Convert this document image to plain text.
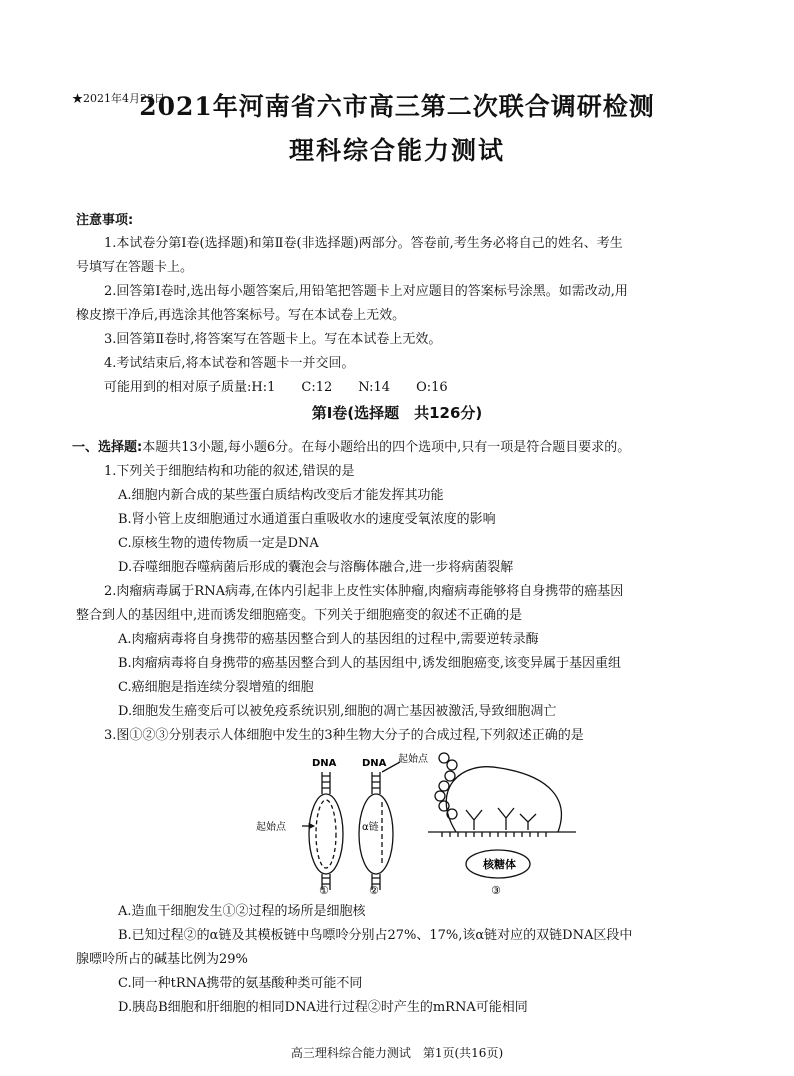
★2021年4月23日
2021年河南省六市高三第二次联合调研检测
理科综合能力测试
注意事项:
1.本试卷分第Ⅰ卷(选择题)和第Ⅱ卷(非选择题)两部分。答卷前,考生务必将自己的姓名、考生
号填写在答题卡上。
2.回答第Ⅰ卷时,选出每小题答案后,用铅笔把答题卡上对应题目的答案标号涂黑。如需改动,用
橡皮擦干净后,再选涂其他答案标号。写在本试卷上无效。
3.回答第Ⅱ卷时,将答案写在答题卡上。写在本试卷上无效。
4.考试结束后,将本试卷和答题卡一并交回。
可能用到的相对原子质量:H:1　　C:12　　N:14　　O:16
第Ⅰ卷(选择题　共126分)
一、选择题:本题共13小题,每小题6分。在每小题给出的四个选项中,只有一项是符合题目要求的。
1.下列关于细胞结构和功能的叙述,错误的是
A.细胞内新合成的某些蛋白质结构改变后才能发挥其功能
B.肾小管上皮细胞通过水通道蛋白重吸收水的速度受氧浓度的影响
C.原核生物的遗传物质一定是DNA
D.吞噬细胞吞噬病菌后形成的囊泡会与溶酶体融合,进一步将病菌裂解
2.肉瘤病毒属于RNA病毒,在体内引起非上皮性实体肿瘤,肉瘤病毒能够将自身携带的癌基因
整合到人的基因组中,进而诱发细胞癌变。下列关于细胞癌变的叙述不正确的是
A.肉瘤病毒将自身携带的癌基因整合到人的基因组的过程中,需要逆转录酶
B.肉瘤病毒将自身携带的癌基因整合到人的基因组中,诱发细胞癌变,该变异属于基因重组
C.癌细胞是指连续分裂增殖的细胞
D.细胞发生癌变后可以被免疫系统识别,细胞的凋亡基因被激活,导致细胞凋亡
3.图①②③分别表示人体细胞中发生的3种生物大分子的合成过程,下列叙述正确的是
DNA	DNA 起始点
起始点	α链
核糖体
①	②	③
A.造血干细胞发生①②过程的场所是细胞核
B.已知过程②的α链及其模板链中鸟嘌呤分别占27%、17%,该α链对应的双链DNA区段中
腺嘌呤所占的碱基比例为29%
C.同一种tRNA携带的氨基酸种类可能不同
D.胰岛B细胞和肝细胞的相同DNA进行过程②时产生的mRNA可能相同
高三理科综合能力测试　第1页(共16页)
